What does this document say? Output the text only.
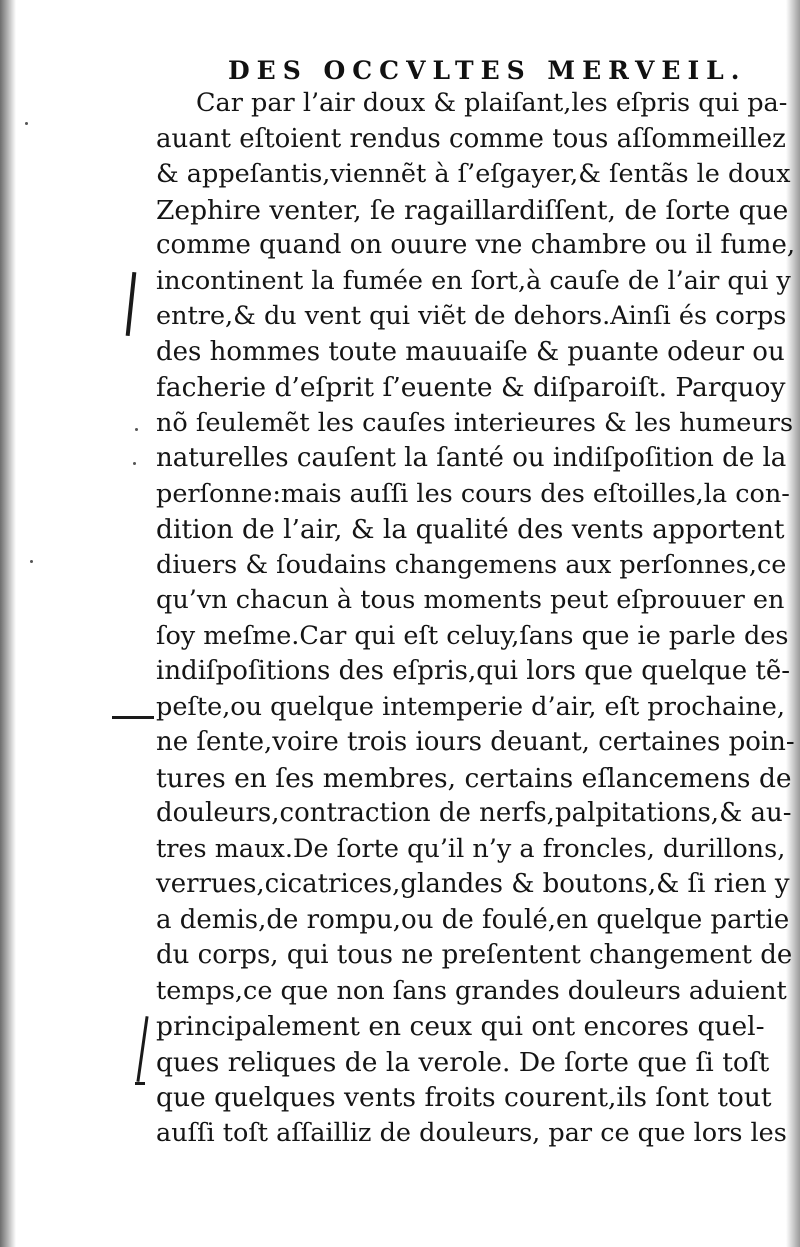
DES OCCVLTES MERVEIL.
Car par l’air doux & plaiſant,les eſpris qui pa-
auant eſtoient rendus comme tous aſſommeillez
& appeſantis,viennẽt à ſ’eſgayer,& ſentãs le doux
Zephire venter, ſe ragaillardiſſent, de ſorte que
comme quand on ouure vne chambre ou il fume,
incontinent la fumée en ſort,à cauſe de l’air qui y
entre,& du vent qui viẽt de dehors.Ainſi és corps
des hommes toute mauuaiſe & puante odeur ou
facherie d’eſprit ſ’euente & diſparoiſt. Parquoy
nõ ſeulemẽt les cauſes interieures & les humeurs
naturelles cauſent la ſanté ou indiſpoſition de la
perſonne:mais auſſi les cours des eſtoilles,la con-
dition de l’air, & la qualité des vents apportent
diuers & ſoudains changemens aux perſonnes,ce
qu’vn chacun à tous moments peut eſprouuer en
ſoy meſme.Car qui eſt celuy,ſans que ie parle des
indiſpoſitions des eſpris,qui lors que quelque tẽ-
peſte,ou quelque intemperie d’air, eſt prochaine,
ne ſente,voire trois iours deuant, certaines poin-
tures en ſes membres, certains eſlancemens de
douleurs,contraction de nerfs,palpitations,& au-
tres maux.De ſorte qu’il n’y a froncles, durillons,
verrues,cicatrices,glandes & boutons,& ſi rien y
a demis,de rompu,ou de foulé,en quelque partie
du corps, qui tous ne preſentent changement de
temps,ce que non ſans grandes douleurs aduient
principalement en ceux qui ont encores quel-
ques reliques de la verole. De ſorte que ſi toſt
que quelques vents froits courent,ils ſont tout
auſſi toſt aſſailliz de douleurs, par ce que lors les
